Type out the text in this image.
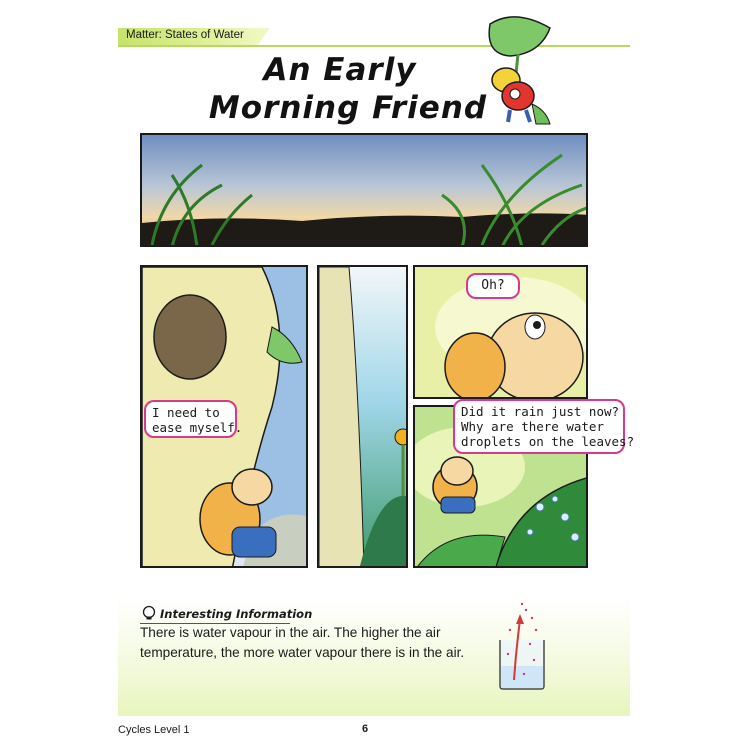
Matter: States of Water
An Early
Morning Friend

Oh?

I need to

ease myself.

Did it rain just now?

Why are there water

droplets on the leaves?

Interesting Information
There is water vapour in the air. The higher the air
temperature, the more water vapour there is in the air.
Cycles Level 1	6
